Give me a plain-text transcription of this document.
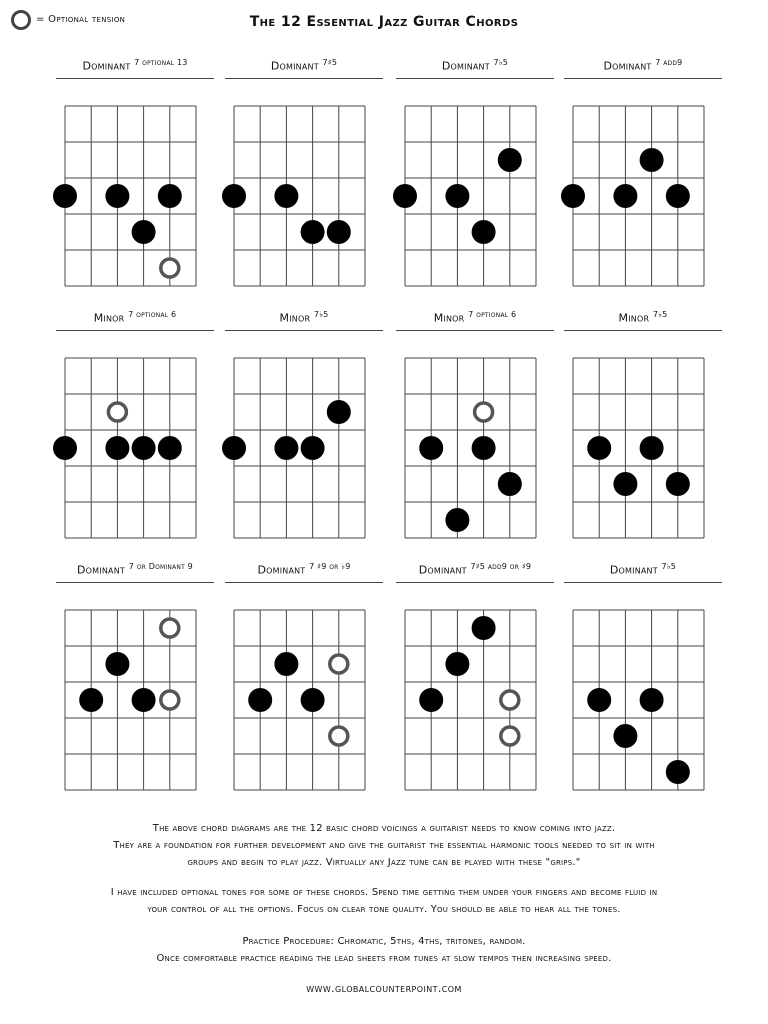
= Optional tension	The 12 Essential Jazz Guitar Chords
Dominant $^{7 optional 13}$	Dominant $^{7♯5}$	Dominant $^{7♭5}$	Dominant $^{7 add9}$
Minor $^{7 optional 6}$	Minor $^{7♭5}$	Minor $^{7 optional 6}$	Minor $^{7♭5}$
Dominant $^{7 or Dominant 9}$	Dominant $^{7 ♯9 or ♭9}$	Dominant $^{7♯5 add9 or ♯9}$	Dominant $^{7♭5}$
The above chord diagrams are the 12 basic chord voicings a guitarist needs to know coming into jazz.
They are a foundation for further development and give the guitarist the essential harmonic tools needed to sit in with
groups and begin to play jazz. Virtually any Jazz tune can be played with these "grips."
I have included optional tones for some of these chords. Spend time getting them under your fingers and become fluid in
your control of all the options. Focus on clear tone quality. You should be able to hear all the tones.
Practice Procedure: Chromatic, 5ths, 4ths, tritones, random.
Once comfortable practice reading the lead sheets from tunes at slow tempos then increasing speed.
www.globalcounterpoint.com
